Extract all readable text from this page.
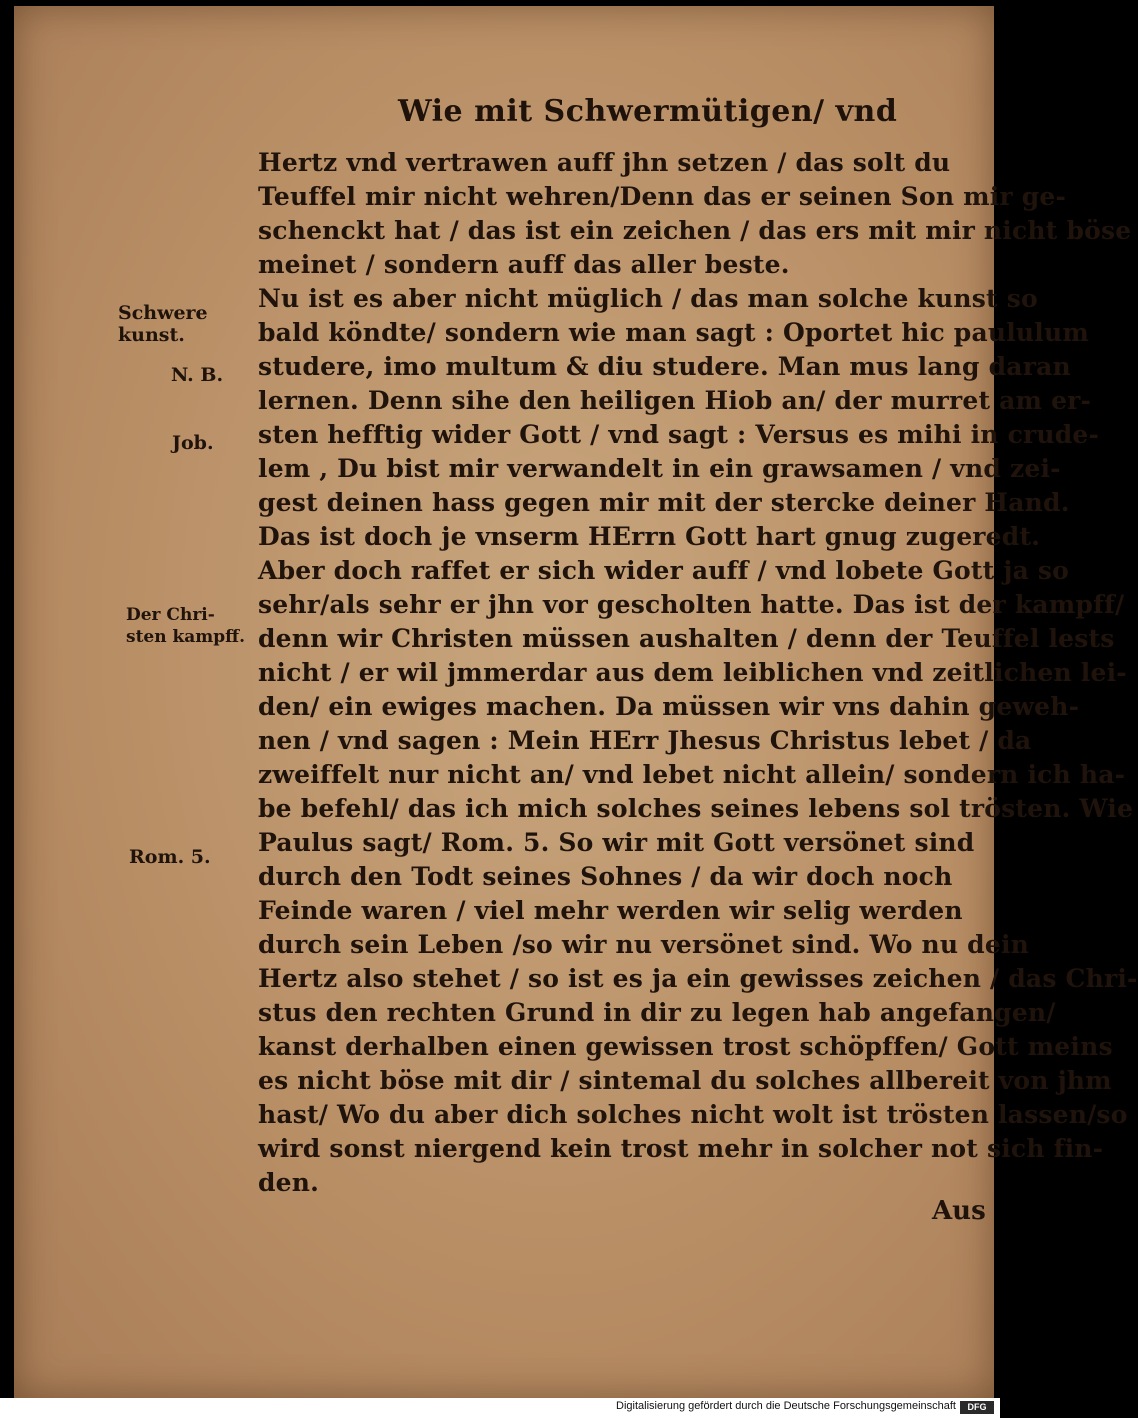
Wie mit Schwermütigen/ vnd
Schwere
kunst.
N. B.
Job.
Der Chri-
sten kampff.
Rom. 5.
Hertz vnd vertrawen auff jhn setzen / das solt du
Teuffel mir nicht wehren/Denn das er seinen Son mir ge-
schenckt hat / das ist ein zeichen / das ers mit mir nicht böse
meinet / sondern auff das aller beste.
Nu ist es aber nicht müglich / das man solche kunst so
bald köndte/ sondern wie man sagt : Oportet hic paululum
studere, imo multum & diu studere. Man mus lang daran
lernen. Denn sihe den heiligen Hiob an/ der murret am er-
sten hefftig wider Gott / vnd sagt : Versus es mihi in crude-
lem , Du bist mir verwandelt in ein grawsamen / vnd zei-
gest deinen hass gegen mir mit der stercke deiner Hand.
Das ist doch je vnserm HErrn Gott hart gnug zugeredt.
Aber doch raffet er sich wider auff / vnd lobete Gott ja so
sehr/als sehr er jhn vor gescholten hatte. Das ist der kampff/
denn wir Christen müssen aushalten / denn der Teuffel lests
nicht / er wil jmmerdar aus dem leiblichen vnd zeitlichen lei-
den/ ein ewiges machen. Da müssen wir vns dahin geweh-
nen / vnd sagen : Mein HErr Jhesus Christus lebet / da
zweiffelt nur nicht an/ vnd lebet nicht allein/ sondern ich ha-
be befehl/ das ich mich solches seines lebens sol trösten. Wie
Paulus sagt/ Rom. 5. So wir mit Gott versönet sind
durch den Todt seines Sohnes / da wir doch noch
Feinde waren / viel mehr werden wir selig werden
durch sein Leben /so wir nu versönet sind. Wo nu dein
Hertz also stehet / so ist es ja ein gewisses zeichen / das Chri-
stus den rechten Grund in dir zu legen hab angefangen/
kanst derhalben einen gewissen trost schöpffen/ Gott meins
es nicht böse mit dir / sintemal du solches allbereit von jhm
hast/ Wo du aber dich solches nicht wolt ist trösten lassen/so
wird sonst niergend kein trost mehr in solcher not sich fin-
den.
Aus
Digitalisierung gefördert durch die Deutsche Forschungsgemeinschaft	DFG
